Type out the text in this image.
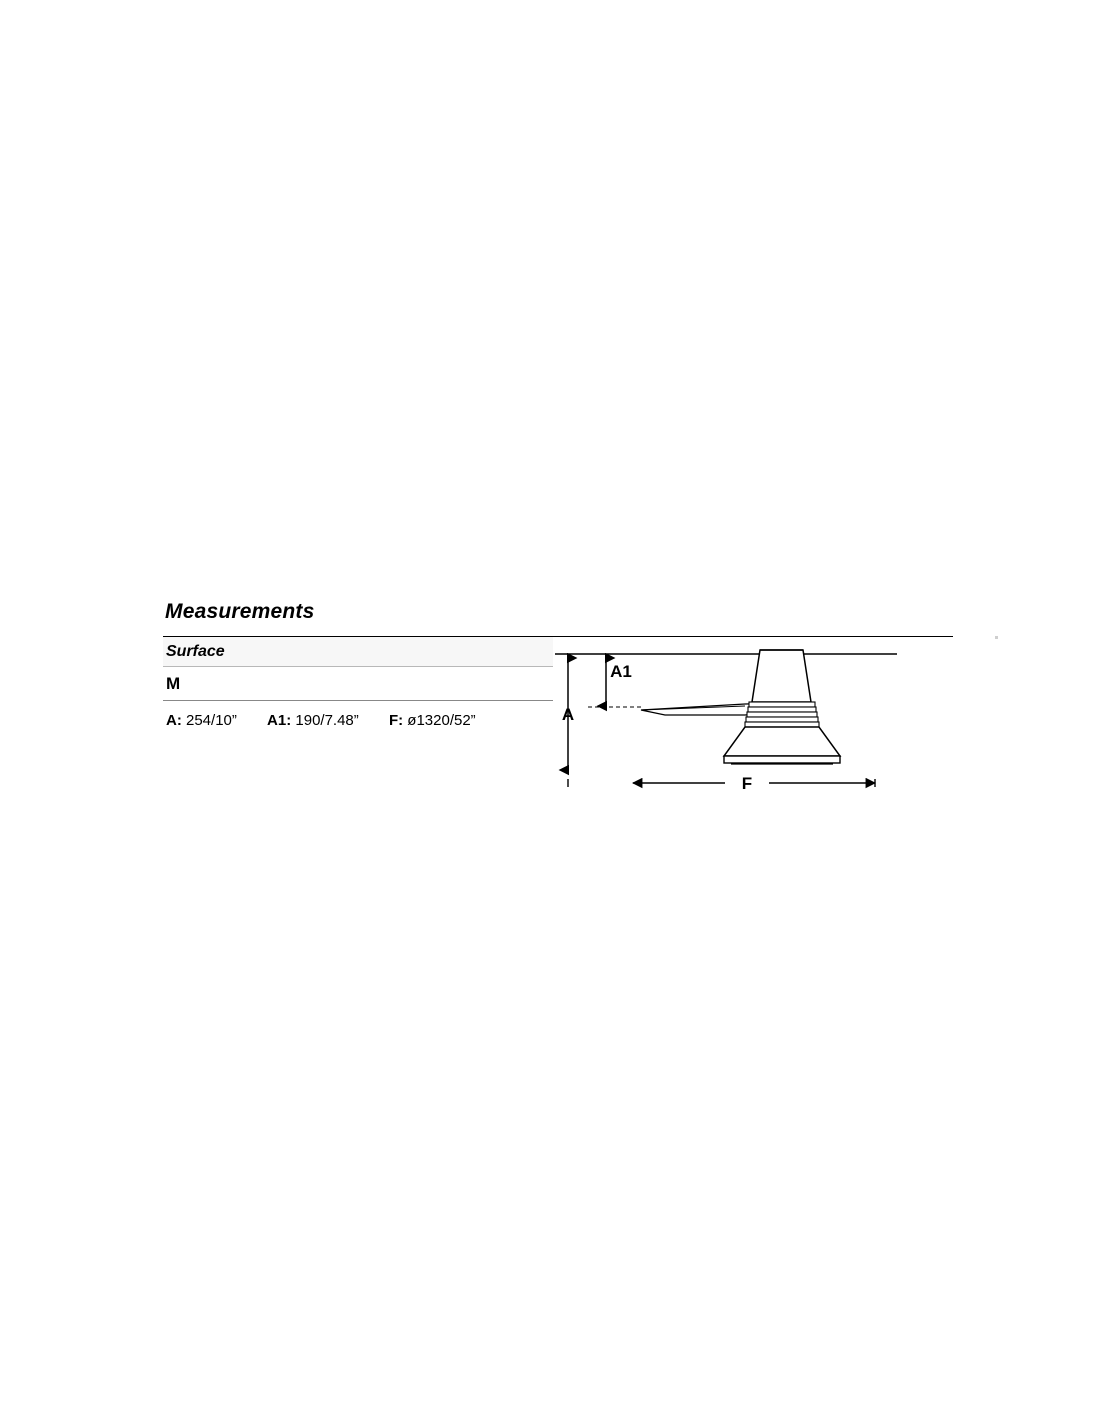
Measurements
Surface
M
A: 254/10” A1: 190/7.48” F: ø1320/52”	A
A1
F
